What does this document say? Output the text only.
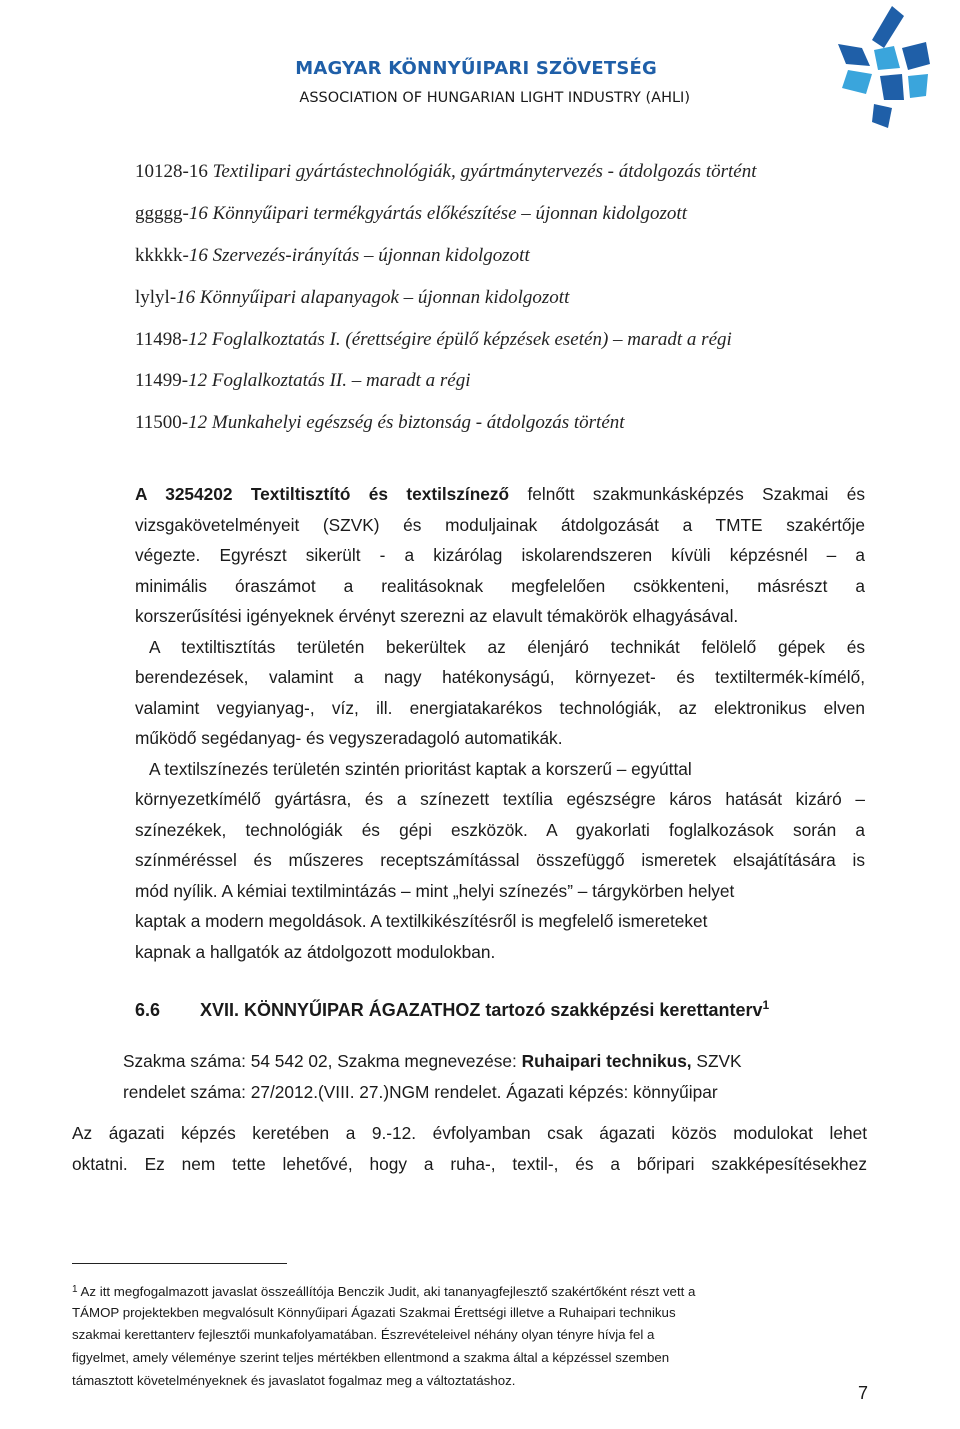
MAGYAR KÖNNYŰIPARI SZÖVETSÉG
ASSOCIATION OF HUNGARIAN LIGHT INDUSTRY (AHLI)
10128-16 Textilipari gyártástechnológiák, gyártmánytervezés - átdolgozás történt
ggggg-16 Könnyűipari termékgyártás előkészítése – újonnan kidolgozott
kkkkk-16 Szervezés-irányítás – újonnan kidolgozott
lylyl-16 Könnyűipari alapanyagok – újonnan kidolgozott
11498-12 Foglalkoztatás I. (érettségire épülő képzések esetén) – maradt a régi
11499-12 Foglalkoztatás II. – maradt a régi
11500-12 Munkahelyi egészség és biztonság - átdolgozás történt
A 3254202 Textiltisztító és textilszínező felnőtt szakmunkásképzés Szakmai és
vizsgakövetelményeit (SZVK) és moduljainak átdolgozását a TMTE szakértője
végezte. Egyrészt sikerült - a kizárólag iskolarendszeren kívüli képzésnél – a
minimális óraszámot a realitásoknak megfelelően csökkenteni, másrészt a
korszerűsítési igényeknek érvényt szerezni az elavult témakörök elhagyásával.
A textiltisztítás területén bekerültek az élenjáró technikát felölelő gépek és
berendezések, valamint a nagy hatékonyságú, környezet- és textiltermék-kímélő,
valamint vegyianyag-, víz, ill. energiatakarékos technológiák, az elektronikus elven
működő segédanyag- és vegyszeradagoló automatikák.
A textilszínezés területén szintén prioritást kaptak a korszerű – egyúttal
környezetkímélő gyártásra, és a színezett textília egészségre káros hatását kizáró –
színezékek, technológiák és gépi eszközök. A gyakorlati foglalkozások során a
színméréssel és műszeres receptszámítással összefüggő ismeretek elsajátítására is
mód nyílik. A kémiai textilmintázás – mint „helyi színezés” – tárgykörben helyet
kaptak a modern megoldások. A textilkikészítésről is megfelelő ismereteket
kapnak a hallgatók az átdolgozott modulokban.
6.6 XVII. KÖNNYŰIPAR ÁGAZATHOZ tartozó szakképzési kerettanterv$^1$
Szakma száma: 54 542 02, Szakma megnevezése: Ruhaipari technikus, SZVK
rendelet száma: 27/2012.(VIII. 27.)NGM rendelet. Ágazati képzés: könnyűipar
Az ágazati képzés keretében a 9.-12. évfolyamban csak ágazati közös modulokat lehet
oktatni. Ez nem tette lehetővé, hogy a ruha-, textil-, és a bőripari szakképesítésekhez
$^1$ Az itt megfogalmazott javaslat összeállítója Benczik Judit, aki tananyagfejlesztő szakértőként részt vett a
TÁMOP projektekben megvalósult Könnyűipari Ágazati Szakmai Érettségi illetve a Ruhaipari technikus
szakmai kerettanterv fejlesztői munkafolyamatában. Észrevételeivel néhány olyan tényre hívja fel a
figyelmet, amely véleménye szerint teljes mértékben ellentmond a szakma által a képzéssel szemben
támasztott követelményeknek és javaslatot fogalmaz meg a változtatáshoz.
7
